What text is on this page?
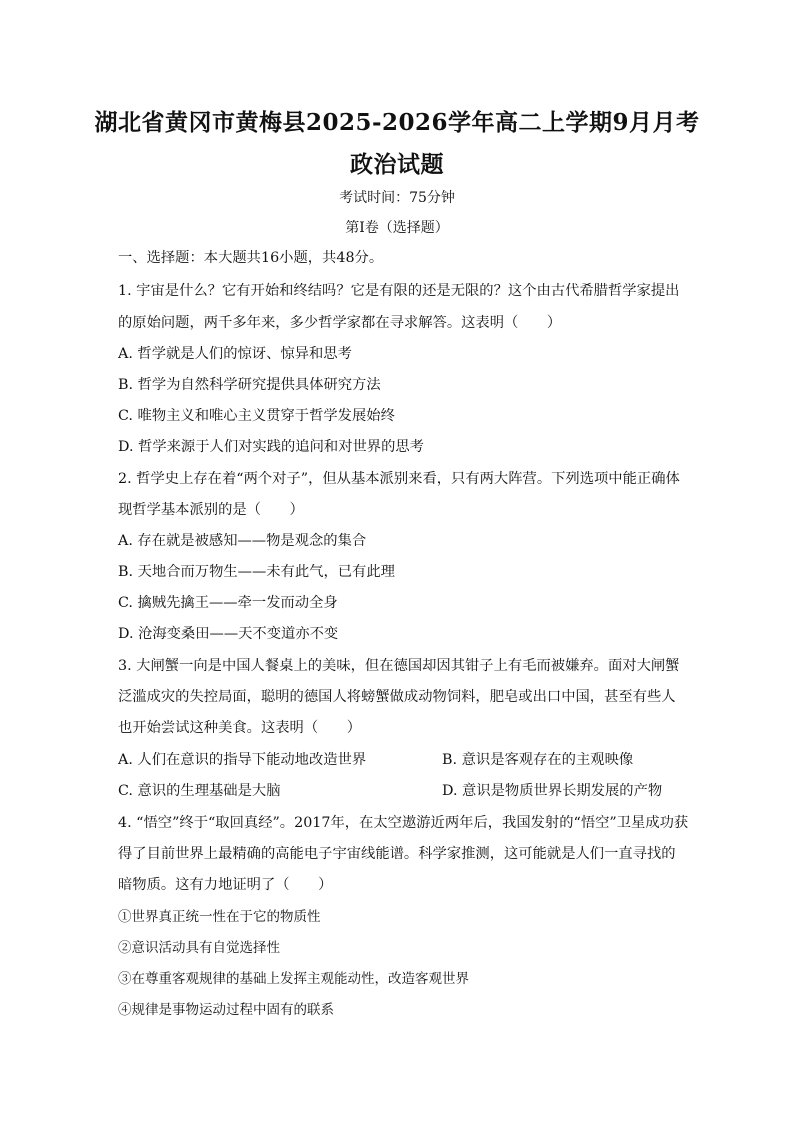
湖北省黄冈市黄梅县2025-2026学年高二上学期9月月考
政治试题
考试时间：75分钟
第I卷（选择题）
一、选择题：本大题共16小题，共48分。
1. 宇宙是什么？它有开始和终结吗？它是有限的还是无限的？这个由古代希腊哲学家提出
的原始问题，两千多年来，多少哲学家都在寻求解答。这表明（　　）
A. 哲学就是人们的惊讶、惊异和思考
B. 哲学为自然科学研究提供具体研究方法
C. 唯物主义和唯心主义贯穿于哲学发展始终
D. 哲学来源于人们对实践的追问和对世界的思考
2. 哲学史上存在着“两个对子”，但从基本派别来看，只有两大阵营。下列选项中能正确体
现哲学基本派别的是（　　）
A. 存在就是被感知——物是观念的集合
B. 天地合而万物生——未有此气，已有此理
C. 擒贼先擒王——牵一发而动全身
D. 沧海变桑田——天不变道亦不变
3. 大闸蟹一向是中国人餐桌上的美味，但在德国却因其钳子上有毛而被嫌弃。面对大闸蟹
泛滥成灾的失控局面，聪明的德国人将螃蟹做成动物饲料，肥皂或出口中国，甚至有些人
也开始尝试这种美食。这表明（　　）
A. 人们在意识的指导下能动地改造世界	B. 意识是客观存在的主观映像
C. 意识的生理基础是大脑	D. 意识是物质世界长期发展的产物
4. “悟空”终于“取回真经”。2017年，在太空遨游近两年后，我国发射的“悟空”卫星成功获
得了目前世界上最精确的高能电子宇宙线能谱。科学家推测，这可能就是人们一直寻找的
暗物质。这有力地证明了（　　）
①世界真正统一性在于它的物质性
②意识活动具有自觉选择性
③在尊重客观规律的基础上发挥主观能动性，改造客观世界
④规律是事物运动过程中固有的联系
